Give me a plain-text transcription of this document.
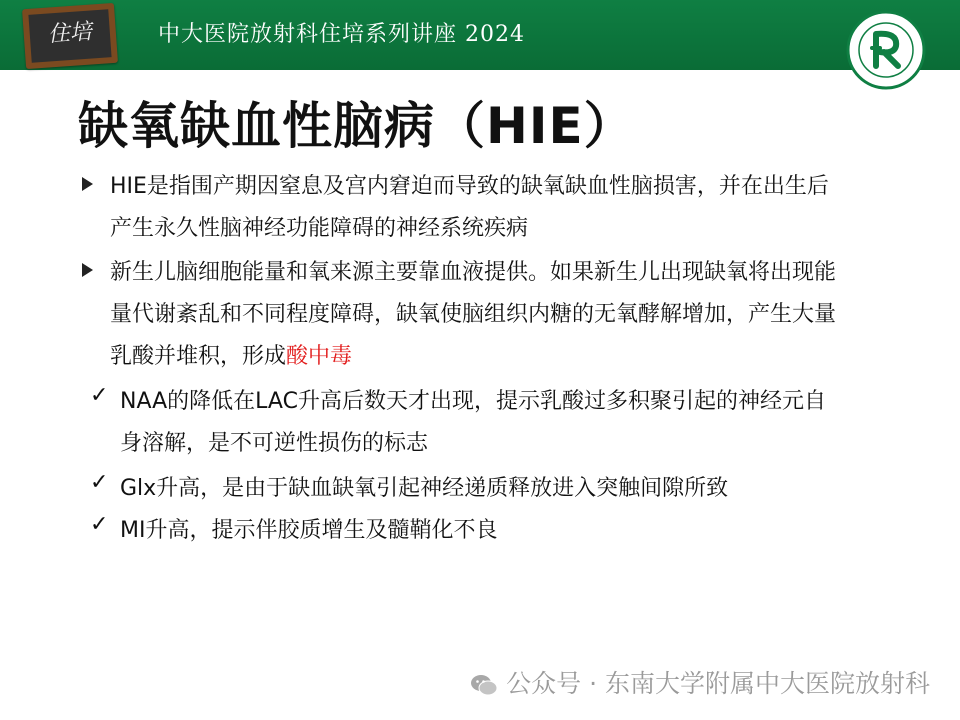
住培	中大医院放射科住培系列讲座 2024
缺氧缺血性脑病（HIE）
HIE是指围产期因窒息及宫内窘迫而导致的缺氧缺血性脑损害，并在出生后
产生永久性脑神经功能障碍的神经系统疾病
新生儿脑细胞能量和氧来源主要靠血液提供。如果新生儿出现缺氧将出现能
量代谢紊乱和不同程度障碍，缺氧使脑组织内糖的无氧酵解增加，产生大量
乳酸并堆积，形成酸中毒
✓ NAA的降低在LAC升高后数天才出现，提示乳酸过多积聚引起的神经元自
身溶解，是不可逆性损伤的标志
✓ Glx升高，是由于缺血缺氧引起神经递质释放进入突触间隙所致
✓ MI升高，提示伴胶质增生及髓鞘化不良
公众号 · 东南大学附属中大医院放射科
